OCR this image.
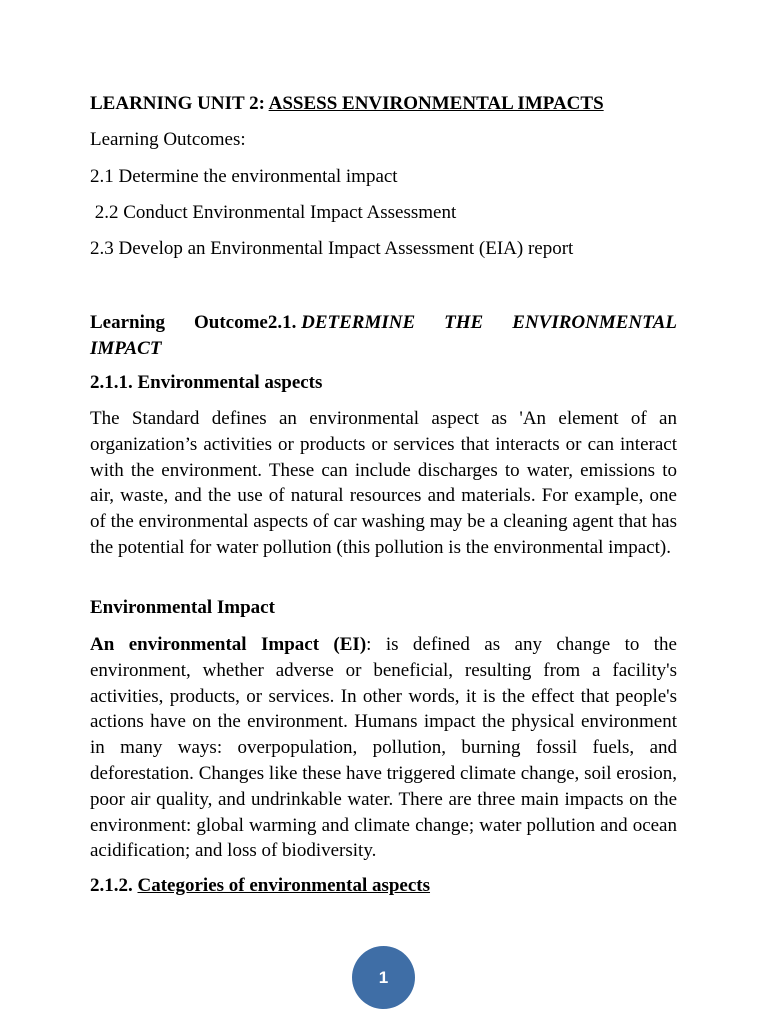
LEARNING UNIT 2: ASSESS ENVIRONMENTAL IMPACTS

Learning Outcomes:

2.1 Determine the environmental impact

2.2 Conduct Environmental Impact Assessment

2.3 Develop an Environmental Impact Assessment (EIA) report

Learning Outcome2.1. DETERMINE THE ENVIRONMENTAL
IMPACT

2.1.1. Environmental aspects

The Standard defines an environmental aspect as 'An element of an organization’s activities or products or services that interacts or can interact with the environment. These can include discharges to water, emissions to air, waste, and the use of natural resources and materials. For example, one of the environmental aspects of car washing may be a cleaning agent that has the potential for water pollution (this pollution is the environmental impact).

Environmental Impact

An environmental Impact (EI): is defined as any change to the environment, whether adverse or beneficial, resulting from a facility's activities, products, or services. In other words, it is the effect that people's actions have on the environment. Humans impact the physical environment in many ways: overpopulation, pollution, burning fossil fuels, and deforestation. Changes like these have triggered climate change, soil erosion, poor air quality, and undrinkable water. There are three main impacts on the environment: global warming and climate change; water pollution and ocean acidification; and loss of biodiversity.

2.1.2. Categories of environmental aspects

1
